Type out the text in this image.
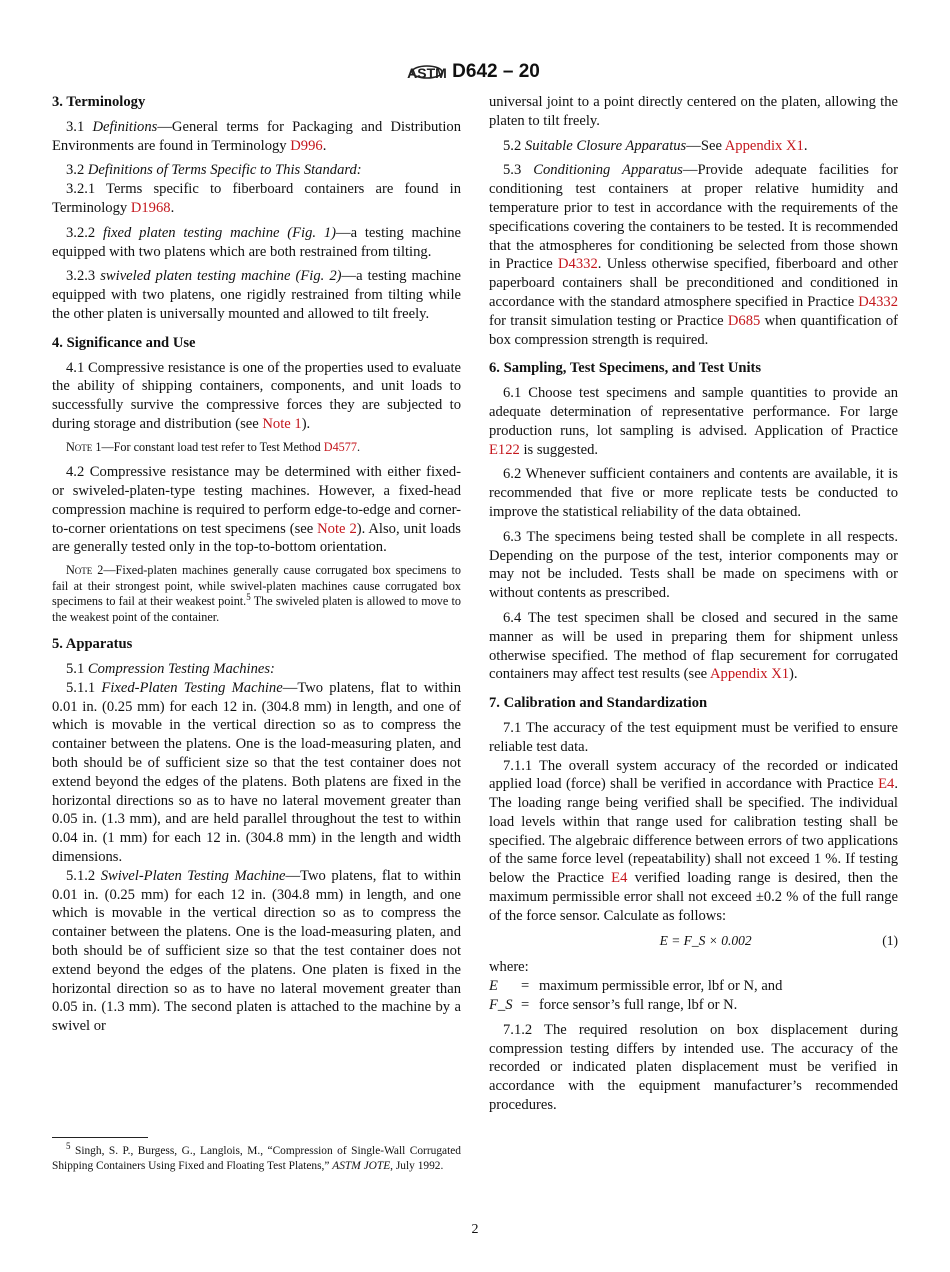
ASTM D642 – 20
3. Terminology
3.1 Definitions—General terms for Packaging and Distribution Environments are found in Terminology D996.
3.2 Definitions of Terms Specific to This Standard:
3.2.1 Terms specific to fiberboard containers are found in Terminology D1968.
3.2.2 fixed platen testing machine (Fig. 1)—a testing machine equipped with two platens which are both restrained from tilting.
3.2.3 swiveled platen testing machine (Fig. 2)—a testing machine equipped with two platens, one rigidly restrained from tilting while the other platen is universally mounted and allowed to tilt freely.
4. Significance and Use
4.1 Compressive resistance is one of the properties used to evaluate the ability of shipping containers, components, and unit loads to successfully survive the compressive forces they are subjected to during storage and distribution (see Note 1).
Note 1—For constant load test refer to Test Method D4577.
4.2 Compressive resistance may be determined with either fixed- or swiveled-platen-type testing machines. However, a fixed-head compression machine is required to perform edge-to-edge and corner-to-corner orientations on test specimens (see Note 2). Also, unit loads are generally tested only in the top-to-bottom orientation.
Note 2—Fixed-platen machines generally cause corrugated box specimens to fail at their strongest point, while swivel-platen machines cause corrugated box specimens to fail at their weakest point.$^5$ The swiveled platen is allowed to move to the weakest point of the container.
5. Apparatus
5.1 Compression Testing Machines:
5.1.1 Fixed-Platen Testing Machine—Two platens, flat to within 0.01 in. (0.25 mm) for each 12 in. (304.8 mm) in length, and one of which is movable in the vertical direction so as to compress the container between the platens. One is the load-measuring platen, and both should be of sufficient size so that the test container does not extend beyond the edges of the platens. Both platens are fixed in the horizontal directions so as to have no lateral movement greater than 0.05 in. (1.3 mm), and are held parallel throughout the test to within 0.04 in. (1 mm) for each 12 in. (304.8 mm) in the length and width dimensions.
5.1.2 Swivel-Platen Testing Machine—Two platens, flat to within 0.01 in. (0.25 mm) for each 12 in. (304.8 mm) in length, and one which is movable in the vertical direction so as to compress the container between the platens. One is the load-measuring platen, and both should be of sufficient size so that the test container does not extend beyond the edges of the platens. One platen is fixed in the horizontal direction so as to have no lateral movement greater than 0.05 in. (1.3 mm). The second platen is attached to the machine by a swivel or
universal joint to a point directly centered on the platen, allowing the platen to tilt freely.
5.2 Suitable Closure Apparatus—See Appendix X1.
5.3 Conditioning Apparatus—Provide adequate facilities for conditioning test containers at proper relative humidity and temperature prior to test in accordance with the requirements of the specifications covering the containers to be tested. It is recommended that the atmospheres for conditioning be selected from those shown in Practice D4332. Unless otherwise specified, fiberboard and other paperboard containers shall be preconditioned and conditioned in accordance with the standard atmosphere specified in Practice D4332 for transit simulation testing or Practice D685 when quantification of box compression strength is required.
6. Sampling, Test Specimens, and Test Units
6.1 Choose test specimens and sample quantities to provide an adequate determination of representative performance. For large production runs, lot sampling is advised. Application of Practice E122 is suggested.
6.2 Whenever sufficient containers and contents are available, it is recommended that five or more replicate tests be conducted to improve the statistical reliability of the data obtained.
6.3 The specimens being tested shall be complete in all respects. Depending on the purpose of the test, interior components may or may not be included. Tests shall be made on specimens with or without contents as prescribed.
6.4 The test specimen shall be closed and secured in the same manner as will be used in preparing them for shipment unless otherwise specified. The method of flap securement for corrugated containers may affect test results (see Appendix X1).
7. Calibration and Standardization
7.1 The accuracy of the test equipment must be verified to ensure reliable test data.
7.1.1 The overall system accuracy of the recorded or indicated applied load (force) shall be verified in accordance with Practice E4. The loading range being verified shall be specified. The individual load levels within that range used for calibration testing shall be specified. The algebraic difference between errors of two applications of the same force level (repeatability) shall not exceed 1 %. If testing below the Practice E4 verified loading range is desired, then the maximum permissible error shall not exceed ±0.2 % of the full range of the force sensor. Calculate as follows:
E = F_S × 0.002	(1)
where:
E	= maximum permissible error, lbf or N, and
F_S = force sensor’s full range, lbf or N.
7.1.2 The required resolution on box displacement during compression testing differs by intended use. The accuracy of the recorded or indicated platen displacement must be verified in accordance with the equipment manufacturer’s recommended procedures.
$^5$ Singh, S. P., Burgess, G., Langlois, M., “Compression of Single-Wall Corrugated Shipping Containers Using Fixed and Floating Test Platens,” ASTM JOTE, July 1992.
2
